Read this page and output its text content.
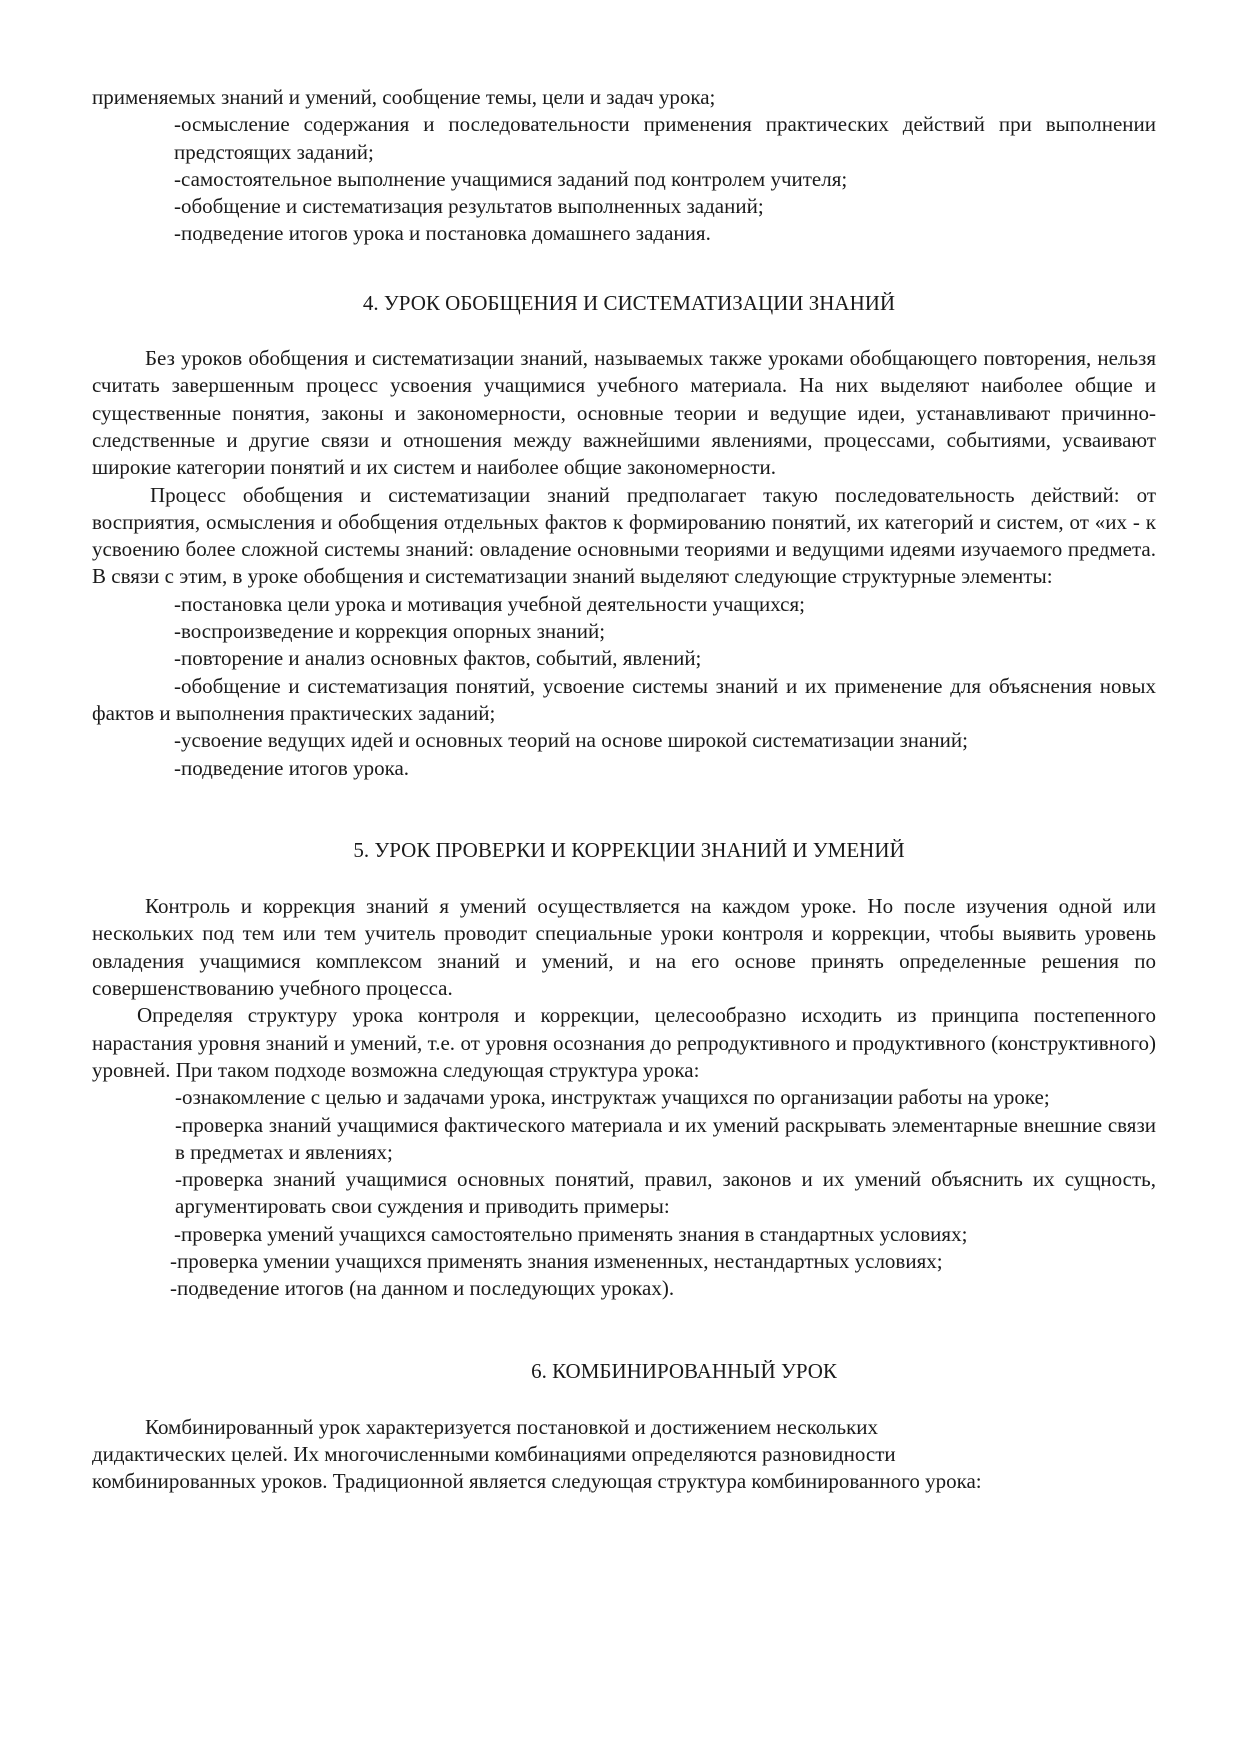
применяемых знаний и умений, сообщение темы, цели и задач урока;

-осмысление содержания и последовательности применения практических действий при выполнении предстоящих заданий;

-самостоятельное выполнение учащимися заданий под контролем учителя;

-обобщение и систематизация результатов выполненных заданий;

-подведение итогов урока и постановка домашнего задания.

4. УРОК ОБОБЩЕНИЯ И СИСТЕМАТИЗАЦИИ ЗНАНИЙ

Без уроков обобщения и систематизации знаний, называемых также уроками обобщающего повторения, нельзя считать завершенным процесс усвоения учащимися учебного материала. На них выделяют наиболее общие и существенные понятия, законы и закономерности, основные теории и ведущие идеи, устанавливают причинно-следственные и другие связи и отношения между важнейшими явлениями, процессами, событиями, усваивают широкие категории понятий и их систем и наиболее общие закономерности.

Процесс обобщения и систематизации знаний предполагает такую последовательность действий: от восприятия, осмысления и обобщения отдельных фактов к формированию понятий, их категорий и систем, от «их - к усвоению более сложной системы знаний: овладение основными теориями и ведущими идеями изучаемого предмета. В связи с этим, в уроке обобщения и систематизации знаний выделяют следующие структурные элементы:

-постановка цели урока и мотивация учебной деятельности учащихся;

-воспроизведение и коррекция опорных знаний;

-повторение и анализ основных фактов, событий, явлений;

-обобщение и систематизация понятий, усвоение системы знаний и их применение для объяснения новых фактов и выполнения практических заданий;

-усвоение ведущих идей и основных теорий на основе широкой систематизации знаний;

-подведение итогов урока.

5. УРОК ПРОВЕРКИ И КОРРЕКЦИИ ЗНАНИЙ И УМЕНИЙ

Контроль и коррекция знаний я умений осуществляется на каждом уроке. Но после изучения одной или нескольких под тем или тем учитель проводит специальные уроки контроля и коррекции, чтобы выявить уровень овладения учащимися комплексом знаний и умений, и на его основе принять определенные решения по совершенствованию учебного процесса.

Определяя структуру урока контроля и коррекции, целесообразно исходить из принципа постепенного нарастания уровня знаний и умений, т.е. от уровня осознания до репродуктивного и продуктивного (конструктивного) уровней. При таком подходе возможна следующая структура урока:

-ознакомление с целью и задачами урока, инструктаж учащихся по организации работы на уроке;

-проверка знаний учащимися фактического материала и их умений раскрывать элементарные внешние связи в предметах и явлениях;

-проверка знаний учащимися основных понятий, правил, законов и их умений объяснить их сущность, аргументировать свои суждения и приводить примеры:

-проверка умений учащихся самостоятельно применять знания в стандартных условиях;

-проверка умении учащихся применять знания измененных, нестандартных условиях;

-подведение итогов (на данном и последующих уроках).

6. КОМБИНИРОВАННЫЙ УРОК

Комбинированный урок характеризуется постановкой и достижением нескольких

дидактических целей. Их многочисленными комбинациями определяются разновидности

комбинированных уроков. Традиционной является следующая структура комбинированного урока:
